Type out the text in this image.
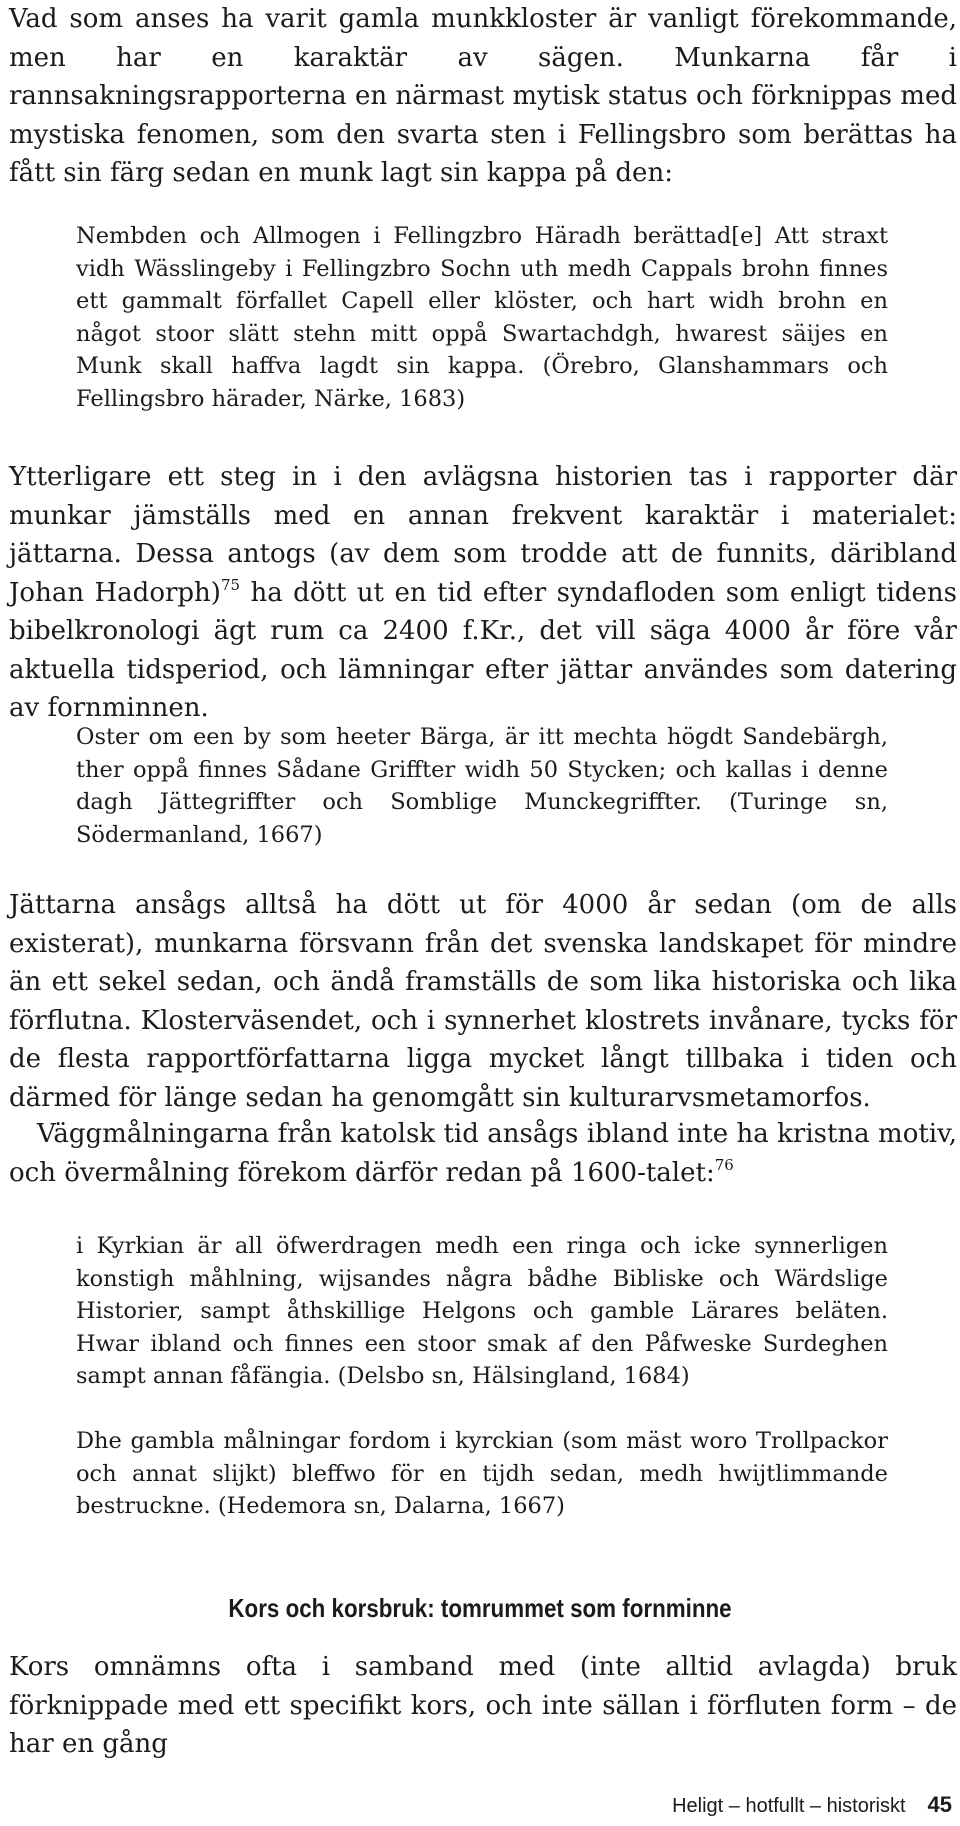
Vad som anses ha varit gamla munkkloster är vanligt förekommande, men har en karaktär av sägen. Munkarna får i rannsakningsrapporterna en närmast mytisk status och förknippas med mystiska fenomen, som den svarta sten i Fellingsbro som berättas ha fått sin färg sedan en munk lagt sin kappa på den:

Nembden och Allmogen i Fellingzbro Häradh berättad[e] Att straxt vidh Wässlingeby i Fellingzbro Sochn uth medh Cappals brohn finnes ett gammalt förfallet Capell eller klöster, och hart widh brohn en något stoor slätt stehn mitt oppå Swartachdgh, hwarest säijes en Munk skall haffva lagdt sin kappa. (Örebro, Glanshammars och Fellingsbro härader, Närke, 1683)

Ytterligare ett steg in i den avlägsna historien tas i rapporter där munkar jämställs med en annan frekvent karaktär i materialet: jättarna. Dessa antogs (av dem som trodde att de funnits, däribland Johan Hadorph)$^{75}$ ha dött ut en tid efter syndafloden som enligt tidens bibelkronologi ägt rum ca 2400 f.Kr., det vill säga 4000 år före vår aktuella tidsperiod, och lämningar efter jättar användes som datering av fornminnen.

Oster om een by som heeter Bärga, är itt mechta högdt Sandebärgh, ther oppå finnes Sådane Griffter widh 50 Stycken; och kallas i denne dagh Jättegriffter och Somblige Munckegriffter. (Turinge sn, Södermanland, 1667)

Jättarna ansågs alltså ha dött ut för 4000 år sedan (om de alls existerat), munkarna försvann från det svenska landskapet för mindre än ett sekel sedan, och ändå framställs de som lika historiska och lika förflutna. Klosterväsendet, och i synnerhet klostrets invånare, tycks för de flesta rapportförfattarna ligga mycket långt tillbaka i tiden och därmed för länge sedan ha genomgått sin kulturarvsmetamorfos.

Väggmålningarna från katolsk tid ansågs ibland inte ha kristna motiv, och övermålning förekom därför redan på 1600-talet:$^{76}$

i Kyrkian är all öfwerdragen medh een ringa och icke synnerligen konstigh måhlning, wijsandes några bådhe Bibliske och Wärdslige Historier, sampt åthskillige Helgons och gamble Lärares beläten. Hwar ibland och finnes een stoor smak af den Påfweske Surdeghen sampt annan fåfängia. (Delsbo sn, Hälsingland, 1684)

Dhe gambla målningar fordom i kyrckian (som mäst woro Trollpackor och annat slijkt) bleffwo för en tijdh sedan, medh hwijtlimmande bestruckne. (Hedemora sn, Dalarna, 1667)

Kors och korsbruk: tomrummet som fornminne

Kors omnämns ofta i samband med (inte alltid avlagda) bruk förknippade med ett specifikt kors, och inte sällan i förfluten form – de har en gång

Heligt – hotfullt – historiskt 45
